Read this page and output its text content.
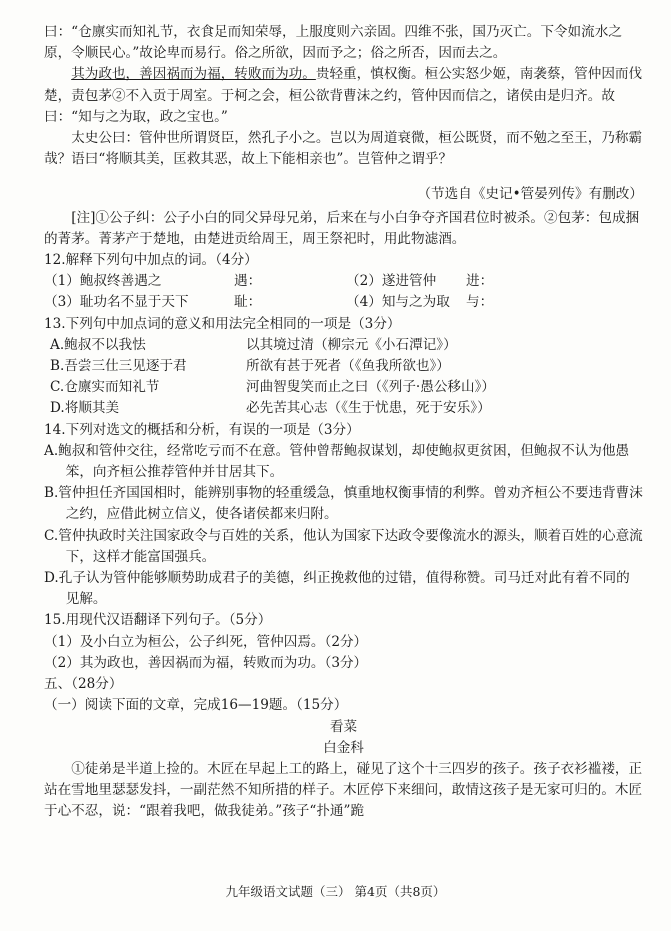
曰：“仓廪实而知礼节，衣食足而知荣辱，上服度则六亲固。四维不张，国乃灭亡。下令如流水之原，令顺民心。”故论卑而易行。俗之所欲，因而予之；俗之所否，因而去之。

其为政也，善因祸而为福，转败而为功。贵轻重，慎权衡。桓公实怒少姬，南袭蔡，管仲因而伐楚，责包茅②不入贡于周室。于柯之会，桓公欲背曹沫之约，管仲因而信之，诸侯由是归齐。故曰：“知与之为取，政之宝也。”

太史公曰：管仲世所谓贤臣，然孔子小之。岂以为周道衰微，桓公既贤，而不勉之至王，乃称霸哉？语曰“将顺其美，匡救其恶，故上下能相亲也”。岂管仲之谓乎？

（节选自《史记•管晏列传》有删改）

[注]①公子纠：公子小白的同父异母兄弟，后来在与小白争夺齐国君位时被杀。②包茅：包成捆的菁茅。菁茅产于楚地，由楚进贡给周王，周王祭祀时，用此物滤酒。

12.解释下列句中加点的词。（4分）

（1）鲍叔终善遇之	遇：	（2）遂进管仲	进：
（3）耻功名不显于天下	耻：	（4）知与之为取	与：

13.下列句中加点词的意义和用法完全相同的一项是（3分）

A.鲍叔不以我怯	以其境过清（柳宗元《小石潭记》）
B.吾尝三仕三见逐于君	所欲有甚于死者（《鱼我所欲也》）
C.仓廪实而知礼节	河曲智叟笑而止之曰（《列子·愚公移山》）
D.将顺其美	必先苦其心志（《生于忧患，死于安乐》）

14.下列对选文的概括和分析，有误的一项是（3分）

A.鲍叔和管仲交往，经常吃亏而不在意。管仲曾帮鲍叔谋划，却使鲍叔更贫困，但鲍叔不认为他愚笨，向齐桓公推荐管仲并甘居其下。

B.管仲担任齐国国相时，能辨别事物的轻重缓急，慎重地权衡事情的利弊。曾劝齐桓公不要违背曹沫之约，应借此树立信义，使各诸侯都来归附。

C.管仲执政时关注国家政令与百姓的关系，他认为国家下达政令要像流水的源头，顺着百姓的心意流下，这样才能富国强兵。

D.孔子认为管仲能够顺势助成君子的美德，纠正挽救他的过错，值得称赞。司马迁对此有着不同的见解。

15.用现代汉语翻译下列句子。（5分）

（1）及小白立为桓公，公子纠死，管仲囚焉。（2分）

（2）其为政也，善因祸而为福，转败而为功。（3分）

五、（28分）

（一）阅读下面的文章，完成16—19题。（15分）

看菜

白金科

①徒弟是半道上捡的。木匠在早起上工的路上，碰见了这个十三四岁的孩子。孩子衣衫褴褛，正站在雪地里瑟瑟发抖，一副茫然不知所措的样子。木匠停下来细问，敢情这孩子是无家可归的。木匠于心不忍，说：“跟着我吧，做我徒弟。”孩子“扑通”跪

九年级语文试题（三） 第4页（共8页）
